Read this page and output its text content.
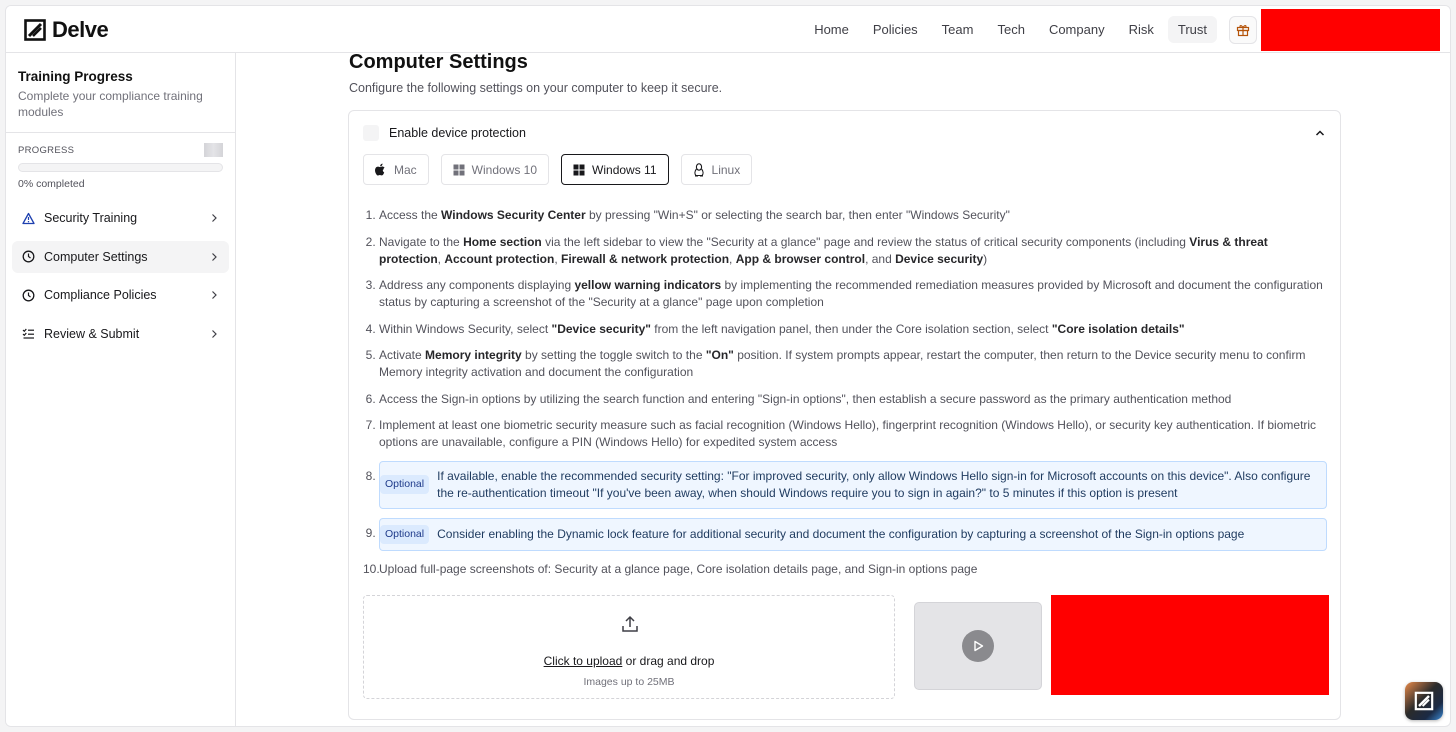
Delve	Home	Policies	Team	Tech	Company	Risk	Trust
Training Progress
Complete your compliance training modules
PROGRESS
0% completed
Security Training
Computer Settings
Compliance Policies
Review & Submit
Computer Settings
Configure the following settings on your computer to keep it secure.
Enable device protection
Mac	Windows 10	Windows 11	Linux
1. Access the Windows Security Center by pressing "Win+S" or selecting the search bar, then enter "Windows Security"
2. Navigate to the Home section via the left sidebar to view the "Security at a glance" page and review the status of critical security components (including Virus & threat protection, Account protection, Firewall & network protection, App & browser control, and Device security)
3. Address any components displaying yellow warning indicators by implementing the recommended remediation measures provided by Microsoft and document the configuration status by capturing a screenshot of the "Security at a glance" page upon completion
4. Within Windows Security, select "Device security" from the left navigation panel, then under the Core isolation section, select "Core isolation details"
5. Activate Memory integrity by setting the toggle switch to the "On" position. If system prompts appear, restart the computer, then return to the Device security menu to confirm Memory integrity activation and document the configuration
6. Access the Sign-in options by utilizing the search function and entering "Sign-in options", then establish a secure password as the primary authentication method
7. Implement at least one biometric security measure such as facial recognition (Windows Hello), fingerprint recognition (Windows Hello), or security key authentication. If biometric options are unavailable, configure a PIN (Windows Hello) for expedited system access
8.
Optional
If available, enable the recommended security setting: "For improved security, only allow Windows Hello sign-in for Microsoft accounts on this device". Also configure the re-authentication timeout "If you've been away, when should Windows require you to sign in again?" to 5 minutes if this option is present
9. Optional	Consider enabling the Dynamic lock feature for additional security and document the configuration by capturing a screenshot of the Sign-in options page
10.
Upload full-page screenshots of: Security at a glance page, Core isolation details page, and Sign-in options page
Click to upload or drag and drop
Images up to 25MB
